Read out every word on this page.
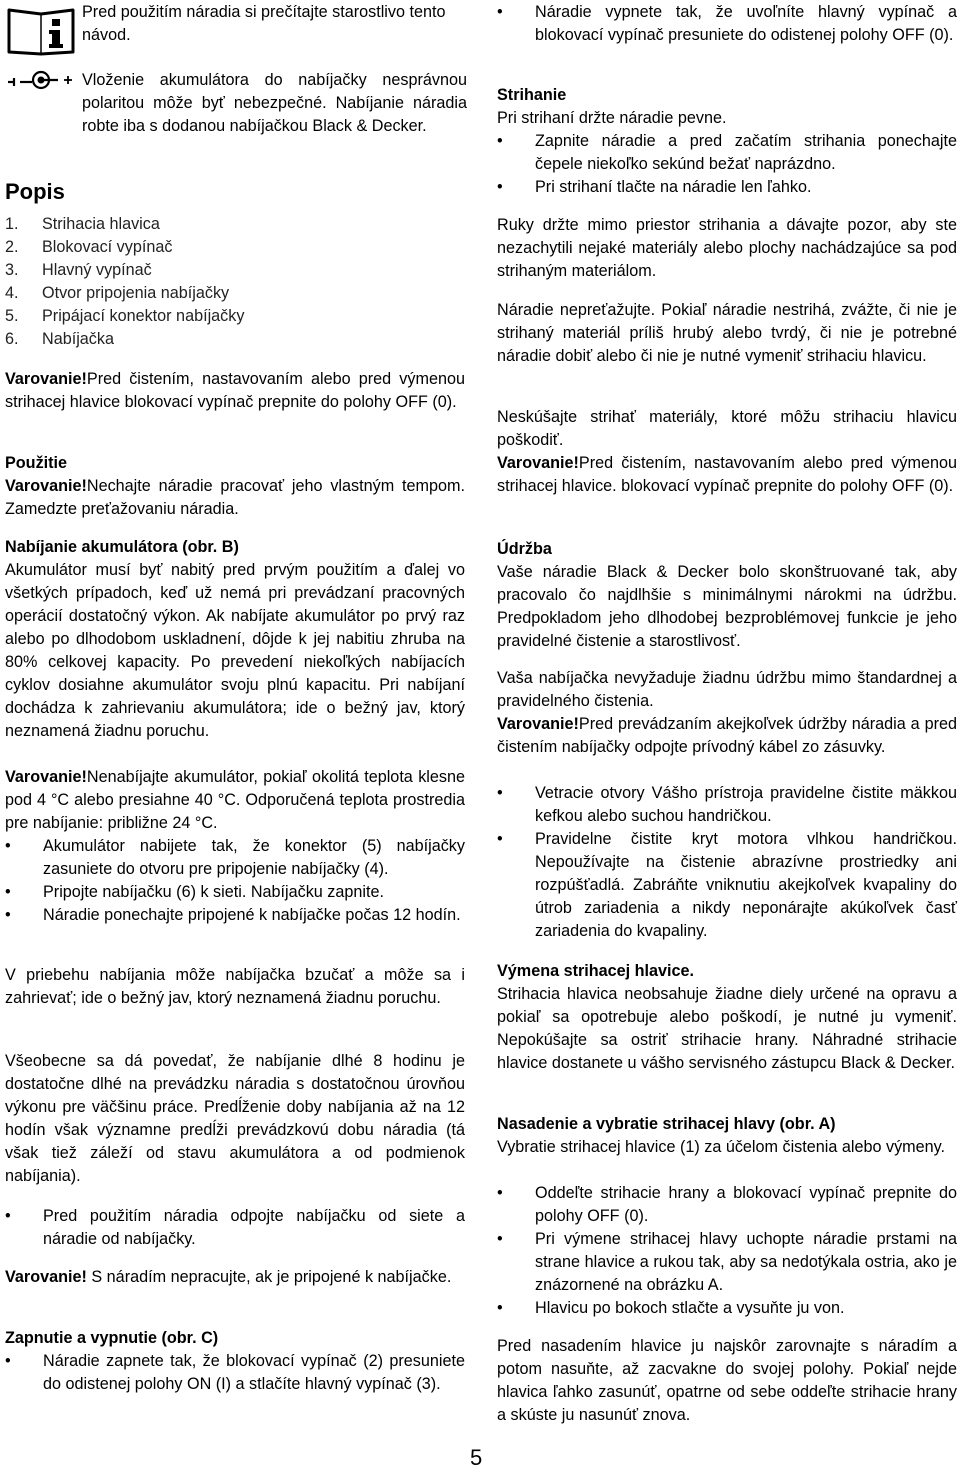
Pred použitím náradia si prečítajte starostlivo tento návod.

Vloženie akumulátora do nabíjačky nesprávnou polaritou môže byť nebezpečné. Nabíjanie náradia robte iba s dodanou nabíjačkou Black & Decker.

Popis

1. Strihacia hlavica
2. Blokovací vypínač
3. Hlavný vypínač
4. Otvor pripojenia nabíjačky
5. Pripájací konektor nabíjačky
6. Nabíjačka

Varovanie!Pred čistením, nastavovaním alebo pred výmenou strihacej hlavice blokovací vypínač prepnite do polohy OFF (0).

Použitie

Varovanie!Nechajte náradie pracovať jeho vlastným tempom. Zamedzte preťažovaniu náradia.

Nabíjanie akumulátora (obr. B)

Akumulátor musí byť nabitý pred prvým použitím a ďalej vo všetkých prípadoch, keď už nemá pri prevádzaní pracovných operácií dostatočný výkon. Ak nabíjate akumulátor po prvý raz alebo po dlhodobom uskladnení, dôjde k jej nabitiu zhruba na 80% celkovej kapacity. Po prevedení niekoľkých nabíjacích cyklov dosiahne akumulátor svoju plnú kapacitu. Pri nabíjaní dochádza k zahrievaniu akumulátora; ide o bežný jav, ktorý neznamená žiadnu poruchu.

Varovanie!Nenabíjajte akumulátor, pokiaľ okolitá teplota klesne pod 4 °C alebo presiahne 40 °C. Odporučená teplota prostredia pre nabíjanie: približne 24 °C.

• Akumulátor nabijete tak, že konektor (5) nabíjačky zasuniete do otvoru pre pripojenie nabíjačky (4).
• Pripojte nabíjačku (6) k sieti. Nabíjačku zapnite.
• Náradie ponechajte pripojené k nabíjačke počas 12 hodín.

V priebehu nabíjania môže nabíjačka bzučať a môže sa i zahrievať; ide o bežný jav, ktorý neznamená žiadnu poruchu.

Všeobecne sa dá povedať, že nabíjanie dlhé 8 hodinu je dostatočne dlhé na prevádzku náradia s dostatočnou úrovňou výkonu pre väčšinu práce. Predĺženie doby nabíjania až na 12 hodín však významne predĺži prevádzkovú dobu náradia (tá však tiež záleží od stavu akumulátora a od podmienok nabíjania).

• Pred použitím náradia odpojte nabíjačku od siete a náradie od nabíjačky.

Varovanie! S náradím nepracujte, ak je pripojené k nabíjačke.

Zapnutie a vypnutie (obr. C)

• Náradie zapnete tak, že blokovací vypínač (2) presuniete do odistenej polohy ON (I) a stlačíte hlavný vypínač (3).
• Náradie vypnete tak, že uvoľníte hlavný vypínač a blokovací vypínač presuniete do odistenej polohy OFF (0).

Strihanie

Pri strihaní držte náradie pevne.

• Zapnite náradie a pred začatím strihania ponechajte čepele niekoľko sekúnd bežať naprázdno.
• Pri strihaní tlačte na náradie len ľahko.

Ruky držte mimo priestor strihania a dávajte pozor, aby ste nezachytili nejaké materiály alebo plochy nachádzajúce sa pod strihaným materiálom.

Náradie nepreťažujte. Pokiaľ náradie nestrihá, zvážte, či nie je strihaný materiál príliš hrubý alebo tvrdý, či nie je potrebné náradie dobiť alebo či nie je nutné vymeniť strihaciu hlavicu.

Neskúšajte strihať materiály, ktoré môžu strihaciu hlavicu poškodiť.

Varovanie!Pred čistením, nastavovaním alebo pred výmenou strihacej hlavice. blokovací vypínač prepnite do polohy OFF (0).

Údržba

Vaše náradie Black & Decker bolo skonštruované tak, aby pracovalo čo najdlhšie s minimálnymi nárokmi na údržbu. Predpokladom jeho dlhodobej bezproblémovej funkcie je jeho pravidelné čistenie a starostlivosť.

Vaša nabíjačka nevyžaduje žiadnu údržbu mimo štandardnej a pravidelného čistenia.

Varovanie!Pred prevádzaním akejkoľvek údržby náradia a pred čistením nabíjačky odpojte prívodný kábel zo zásuvky.

• Vetracie otvory Vášho prístroja pravidelne čistite mäkkou kefkou alebo suchou handričkou.
• Pravidelne čistite kryt motora vlhkou handričkou. Nepoužívajte na čistenie abrazívne prostriedky ani rozpúšťadlá. Zabráňte vniknutiu akejkoľvek kvapaliny do útrob zariadenia a nikdy neponárajte akúkoľvek časť zariadenia do kvapaliny.

Výmena strihacej hlavice.

Strihacia hlavica neobsahuje žiadne diely určené na opravu a pokiaľ sa opotrebuje alebo poškodí, je nutné ju vymeniť. Nepokúšajte sa ostriť strihacie hrany. Náhradné strihacie hlavice dostanete u vášho servisného zástupcu Black & Decker.

Nasadenie a vybratie strihacej hlavy (obr. A)

Vybratie strihacej hlavice (1) za účelom čistenia alebo výmeny.

• Oddeľte strihacie hrany a blokovací vypínač prepnite do polohy OFF (0).
• Pri výmene strihacej hlavy uchopte náradie prstami na strane hlavice a rukou tak, aby sa nedotýkala ostria, ako je znázornené na obrázku A.
• Hlavicu po bokoch stlačte a vysuňte ju von.

Pred nasadením hlavice ju najskôr zarovnajte s náradím a potom nasuňte, až zacvakne do svojej polohy. Pokiaľ nejde hlavica ľahko zasunúť, opatrne od sebe oddeľte strihacie hrany a skúste ju nasunúť znova.

5
